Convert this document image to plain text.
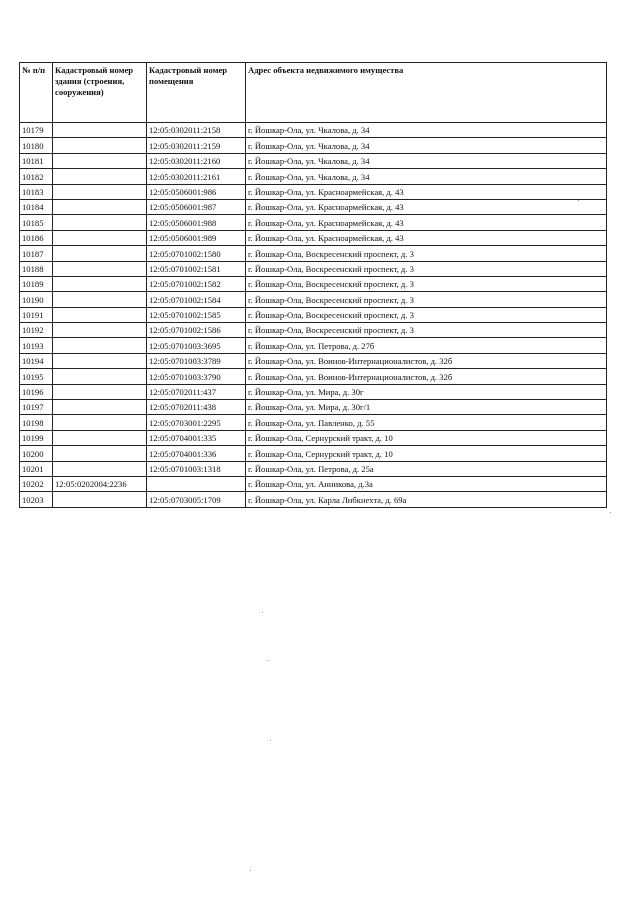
№ п/п	Кадастровый номер здания (строения, сооружения)	Кадастровый номер помещения	Адрес объекта недвижимого имущества
10179		12:05:0302011:2158	г. Йошкар-Ола, ул. Чкалова, д. 34
10180		12:05:0302011:2159	г. Йошкар-Ола, ул. Чкалова, д. 34
10181		12:05:0302011:2160	г. Йошкар-Ола, ул. Чкалова, д. 34
10182		12:05:0302011:2161	г. Йошкар-Ола, ул. Чкалова, д. 34
10183		12:05:0506001:986	г. Йошкар-Ола, ул. Красноармейская, д. 43
10184		12:05:0506001:987	г. Йошкар-Ола, ул. Красноармейская, д. 43
10185		12:05:0506001:988	г. Йошкар-Ола, ул. Красноармейская, д. 43
10186		12:05:0506001:989	г. Йошкар-Ола, ул. Красноармейская, д. 43
10187		12:05:0701002:1580	г. Йошкар-Ола, Воскресенский проспект, д. 3
10188		12:05:0701002:1581	г. Йошкар-Ола, Воскресенский проспект, д. 3
10189		12:05:0701002:1582	г. Йошкар-Ола, Воскресенский проспект, д. 3
10190		12:05:0701002:1584	г. Йошкар-Ола, Воскресенский проспект, д. 3
10191		12:05:0701002:1585	г. Йошкар-Ола, Воскресенский проспект, д. 3
10192		12:05:0701002:1586	г. Йошкар-Ола, Воскресенский проспект, д. 3
10193		12:05:0701003:3695	г. Йошкар-Ола, ул. Петрова, д. 27б
10194		12:05:0701003:3789	г. Йошкар-Ола, ул. Воинов-Интернационалистов, д. 32б
10195		12:05:0701003:3790	г. Йошкар-Ола, ул. Воинов-Интернационалистов, д. 32б
10196		12:05:0702011:437	г. Йошкар-Ола, ул. Мира, д. 30г
10197		12:05:0702011:438	г. Йошкар-Ола, ул. Мира, д. 30г/1
10198		12:05:0703001:2295	г. Йошкар-Ола, ул. Павленко, д. 55
10199		12:05:0704001:335	г. Йошкар-Ола, Сернурский тракт, д. 10
10200		12:05:0704001:336	г. Йошкар-Ола, Сернурский тракт, д. 10
10201		12:05:0701003:1318	г. Йошкар-Ола, ул. Петрова, д. 25а
10202	12:05:0202004:2236		г. Йошкар-Ола, ул. Анникова, д.3а
10203		12:05:0703005:1709	г. Йошкар-Ола, ул. Карла Либкнехта, д. 69а
